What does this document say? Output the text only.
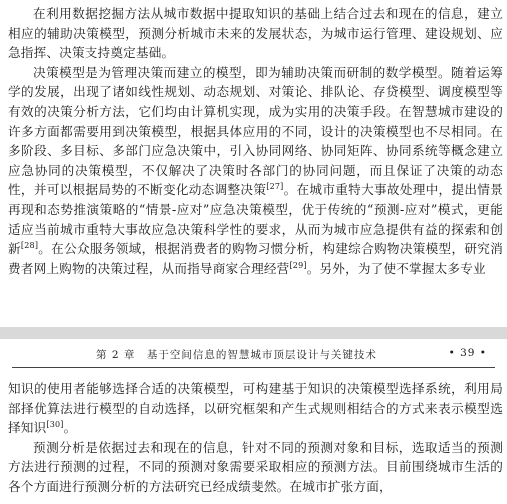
在利用数据挖掘方法从城市数据中提取知识的基础上结合过去和现在的信息，建立相应的辅助决策模型，预测分析城市未来的发展状态，为城市运行管理、建设规划、应急指挥、决策支持奠定基础。

决策模型是为管理决策而建立的模型，即为辅助决策而研制的数学模型。随着运筹学的发展，出现了诸如线性规划、动态规划、对策论、排队论、存贷模型、调度模型等有效的决策分析方法，它们均由计算机实现，成为实用的决策手段。在智慧城市建设的许多方面都需要用到决策模型，根据具体应用的不同，设计的决策模型也不尽相同。在多阶段、多目标、多部门应急决策中，引入协同网络、协同矩阵、协同系统等概念建立应急协同的决策模型，不仅解决了决策时各部门的协同问题，而且保证了决策的动态性，并可以根据局势的不断变化动态调整决策[27]。在城市重特大事故处理中，提出情景再现和态势推演策略的“情景-应对”应急决策模型，优于传统的“预测-应对”模式，更能适应当前城市重特大事故应急决策科学性的要求，从而为城市应急提供有益的探索和创新[28]。在公众服务领域，根据消费者的购物习惯分析，构建综合购物决策模型，研究消费者网上购物的决策过程，从而指导商家合理经营[29]。另外，为了使不掌握太多专业

第 2 章　基于空间信息的智慧城市顶层设计与关键技术	• 39 •

知识的使用者能够选择合适的决策模型，可构建基于知识的决策模型选择系统，利用局部择优算法进行模型的自动选择，以研究框架和产生式规则相结合的方式来表示模型选择知识[30]。

预测分析是依据过去和现在的信息，针对不同的预测对象和目标，选取适当的预测方法进行预测的过程，不同的预测对象需要采取相应的预测方法。目前围绕城市生活的各个方面进行预测分析的方法研究已经成绩斐然。在城市扩张方面，
